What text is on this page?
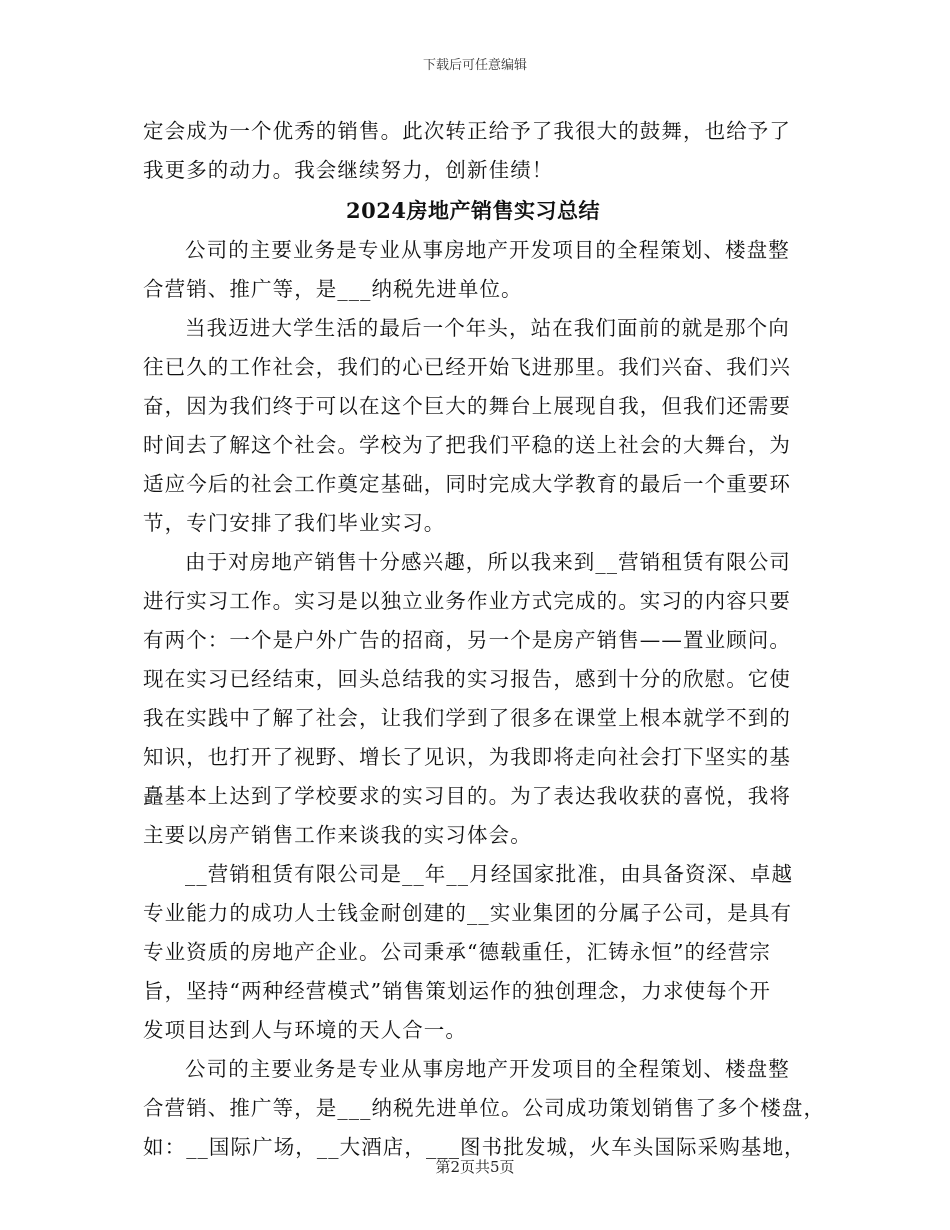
下载后可任意编辑
定会成为一个优秀的销售。此次转正给予了我很大的鼓舞，也给予了
我更多的动力。我会继续努力，创新佳绩！
2024房地产销售实习总结
公司的主要业务是专业从事房地产开发项目的全程策划、楼盘整
合营销、推广等，是___纳税先进单位。
当我迈进大学生活的最后一个年头，站在我们面前的就是那个向
往已久的工作社会，我们的心已经开始飞进那里。我们兴奋、我们兴
奋，因为我们终于可以在这个巨大的舞台上展现自我，但我们还需要
时间去了解这个社会。学校为了把我们平稳的送上社会的大舞台，为
适应今后的社会工作奠定基础，同时完成大学教育的最后一个重要环
节，专门安排了我们毕业实习。
由于对房地产销售十分感兴趣，所以我来到__营销租赁有限公司
进行实习工作。实习是以独立业务作业方式完成的。实习的内容只要
有两个：一个是户外广告的招商，另一个是房产销售——置业顾问。
现在实习已经结束，回头总结我的实习报告，感到十分的欣慰。它使
我在实践中了解了社会，让我们学到了很多在课堂上根本就学不到的
知识，也打开了视野、增长了见识，为我即将走向社会打下坚实的基
矗基本上达到了学校要求的实习目的。为了表达我收获的喜悦，我将
主要以房产销售工作来谈我的实习体会。
__营销租赁有限公司是__年__月经国家批准，由具备资深、卓越
专业能力的成功人士钱金耐创建的__实业集团的分属子公司，是具有
专业资质的房地产企业。公司秉承“德载重任，汇铸永恒”的经营宗
旨，坚持“两种经营模式”销售策划运作的独创理念，力求使每个开
发项目达到人与环境的天人合一。
公司的主要业务是专业从事房地产开发项目的全程策划、楼盘整
合营销、推广等，是___纳税先进单位。公司成功策划销售了多个楼盘，
如：__国际广场，__大酒店，___图书批发城，火车头国际采购基地，
第2页共5页
